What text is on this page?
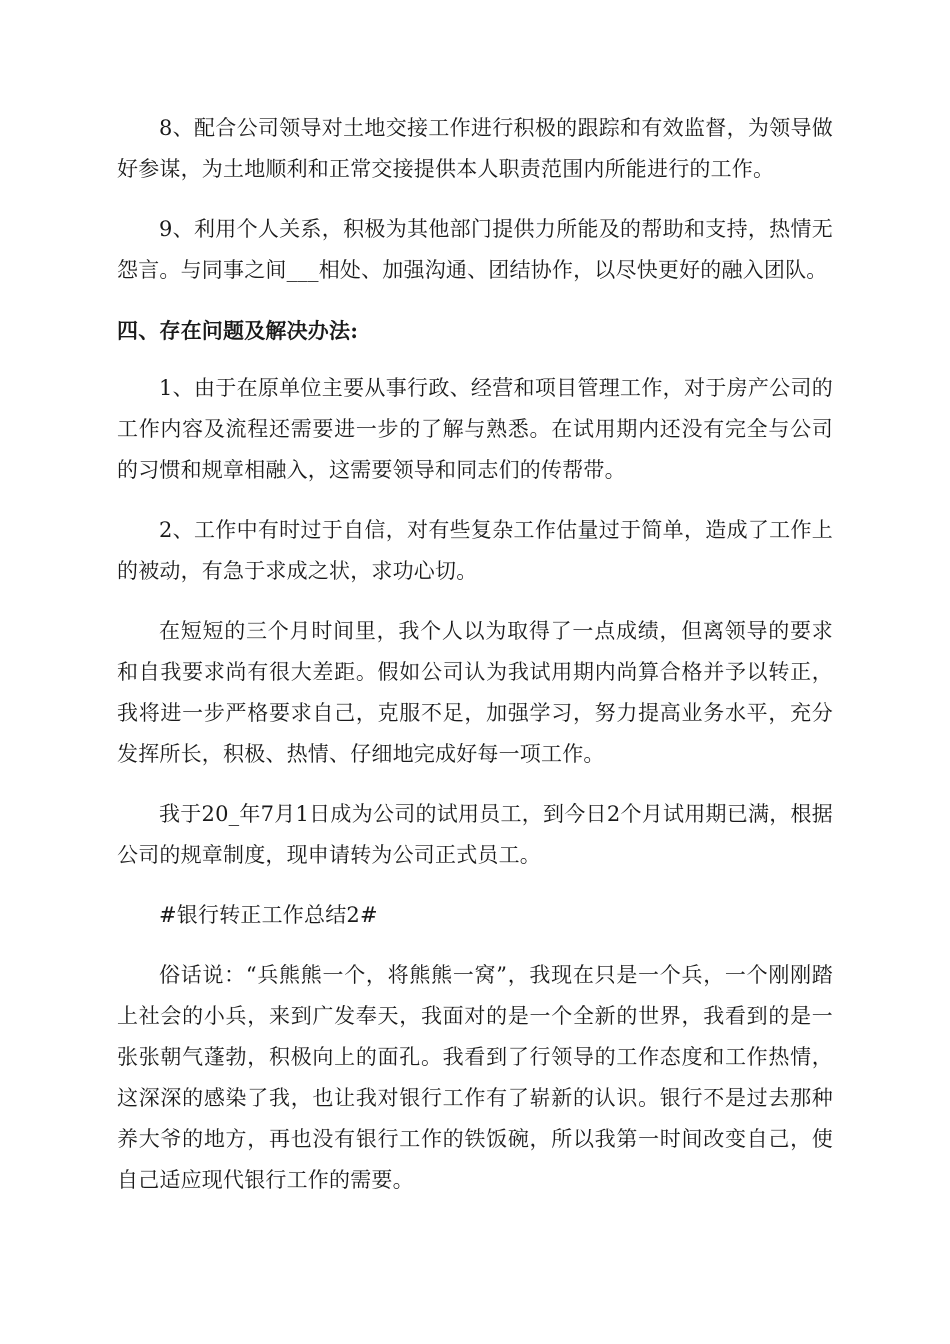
8、配合公司领导对土地交接工作进行积极的跟踪和有效监督，为领导做好参谋，为土地顺利和正常交接提供本人职责范围内所能进行的工作。

9、利用个人关系，积极为其他部门提供力所能及的帮助和支持，热情无怨言。与同事之间___相处、加强沟通、团结协作，以尽快更好的融入团队。

四、存在问题及解决办法:

1、由于在原单位主要从事行政、经营和项目管理工作，对于房产公司的工作内容及流程还需要进一步的了解与熟悉。在试用期内还没有完全与公司的习惯和规章相融入，这需要领导和同志们的传帮带。

2、工作中有时过于自信，对有些复杂工作估量过于简单，造成了工作上的被动，有急于求成之状，求功心切。

在短短的三个月时间里，我个人以为取得了一点成绩，但离领导的要求和自我要求尚有很大差距。假如公司认为我试用期内尚算合格并予以转正，我将进一步严格要求自己，克服不足，加强学习，努力提高业务水平，充分发挥所长，积极、热情、仔细地完成好每一项工作。

我于20_年7月1日成为公司的试用员工，到今日2个月试用期已满，根据公司的规章制度，现申请转为公司正式员工。

#银行转正工作总结2#

俗话说：“兵熊熊一个，将熊熊一窝”，我现在只是一个兵，一个刚刚踏上社会的小兵，来到广发奉天，我面对的是一个全新的世界，我看到的是一张张朝气蓬勃，积极向上的面孔。我看到了行领导的工作态度和工作热情，这深深的感染了我，也让我对银行工作有了崭新的认识。银行不是过去那种养大爷的地方，再也没有银行工作的铁饭碗，所以我第一时间改变自己，使自己适应现代银行工作的需要。
